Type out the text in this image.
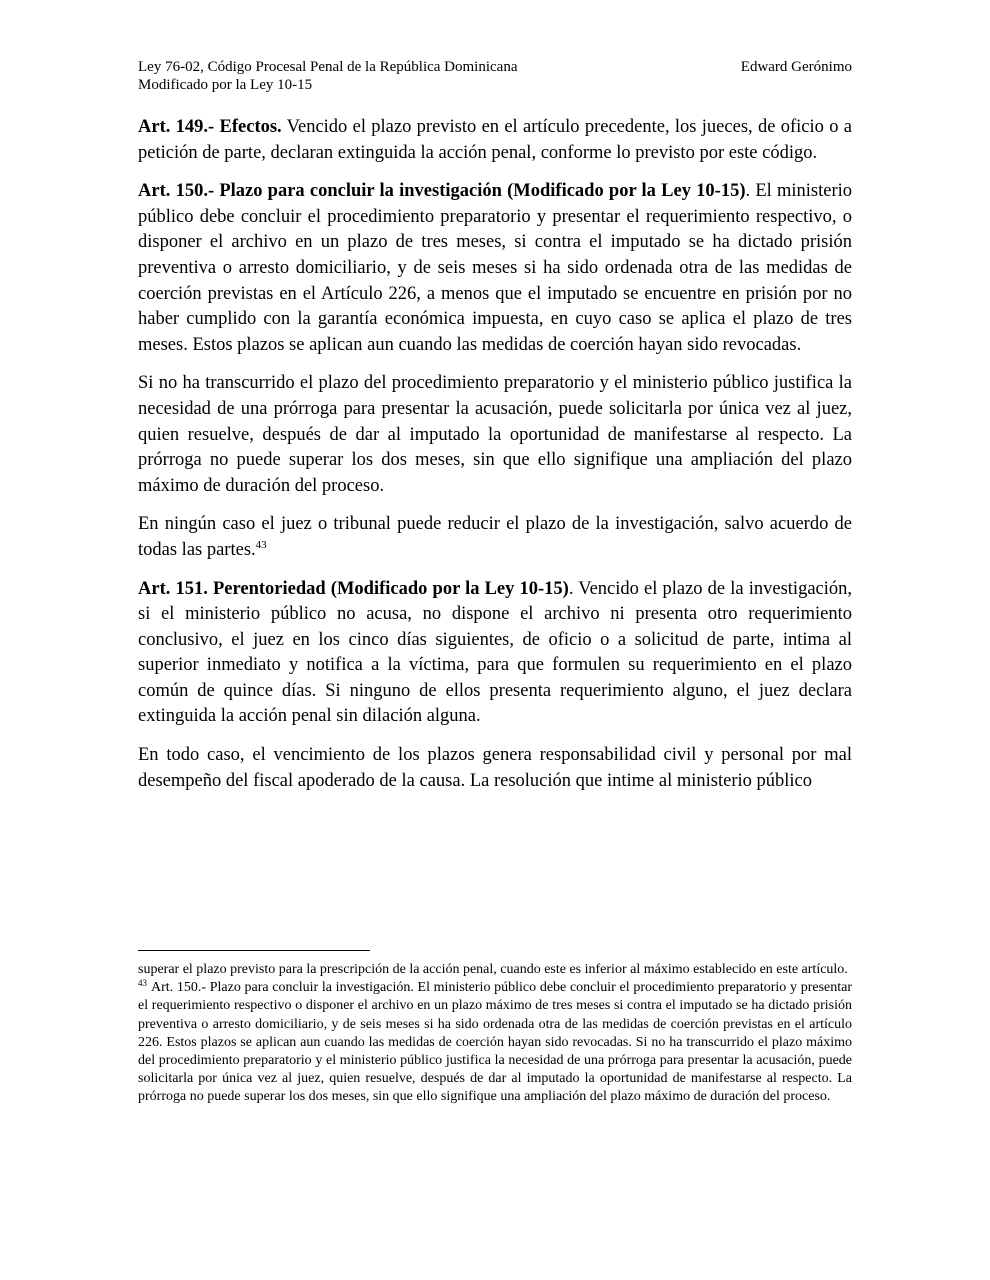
Ley 76-02, Código Procesal Penal de la República Dominicana
Modificado por la Ley 10-15
Edward Gerónimo

Art. 149.- Efectos. Vencido el plazo previsto en el artículo precedente, los jueces, de oficio o a petición de parte, declaran extinguida la acción penal, conforme lo previsto por este código.

Art. 150.- Plazo para concluir la investigación (Modificado por la Ley 10-15). El ministerio público debe concluir el procedimiento preparatorio y presentar el requerimiento respectivo, o disponer el archivo en un plazo de tres meses, si contra el imputado se ha dictado prisión preventiva o arresto domiciliario, y de seis meses si ha sido ordenada otra de las medidas de coerción previstas en el Artículo 226, a menos que el imputado se encuentre en prisión por no haber cumplido con la garantía económica impuesta, en cuyo caso se aplica el plazo de tres meses. Estos plazos se aplican aun cuando las medidas de coerción hayan sido revocadas.

Si no ha transcurrido el plazo del procedimiento preparatorio y el ministerio público justifica la necesidad de una prórroga para presentar la acusación, puede solicitarla por única vez al juez, quien resuelve, después de dar al imputado la oportunidad de manifestarse al respecto. La prórroga no puede superar los dos meses, sin que ello signifique una ampliación del plazo máximo de duración del proceso.

En ningún caso el juez o tribunal puede reducir el plazo de la investigación, salvo acuerdo de todas las partes.$^{43}$

Art. 151. Perentoriedad (Modificado por la Ley 10-15). Vencido el plazo de la investigación, si el ministerio público no acusa, no dispone el archivo ni presenta otro requerimiento conclusivo, el juez en los cinco días siguientes, de oficio o a solicitud de parte, intima al superior inmediato y notifica a la víctima, para que formulen su requerimiento en el plazo común de quince días. Si ninguno de ellos presenta requerimiento alguno, el juez declara extinguida la acción penal sin dilación alguna.

En todo caso, el vencimiento de los plazos genera responsabilidad civil y personal por mal desempeño del fiscal apoderado de la causa. La resolución que intime al ministerio público

superar el plazo previsto para la prescripción de la acción penal, cuando este es inferior al máximo establecido en este artículo.

$^{43}$ Art. 150.- Plazo para concluir la investigación. El ministerio público debe concluir el procedimiento preparatorio y presentar el requerimiento respectivo o disponer el archivo en un plazo máximo de tres meses si contra el imputado se ha dictado prisión preventiva o arresto domiciliario, y de seis meses si ha sido ordenada otra de las medidas de coerción previstas en el artículo 226. Estos plazos se aplican aun cuando las medidas de coerción hayan sido revocadas. Si no ha transcurrido el plazo máximo del procedimiento preparatorio y el ministerio público justifica la necesidad de una prórroga para presentar la acusación, puede solicitarla por única vez al juez, quien resuelve, después de dar al imputado la oportunidad de manifestarse al respecto. La prórroga no puede superar los dos meses, sin que ello signifique una ampliación del plazo máximo de duración del proceso.
